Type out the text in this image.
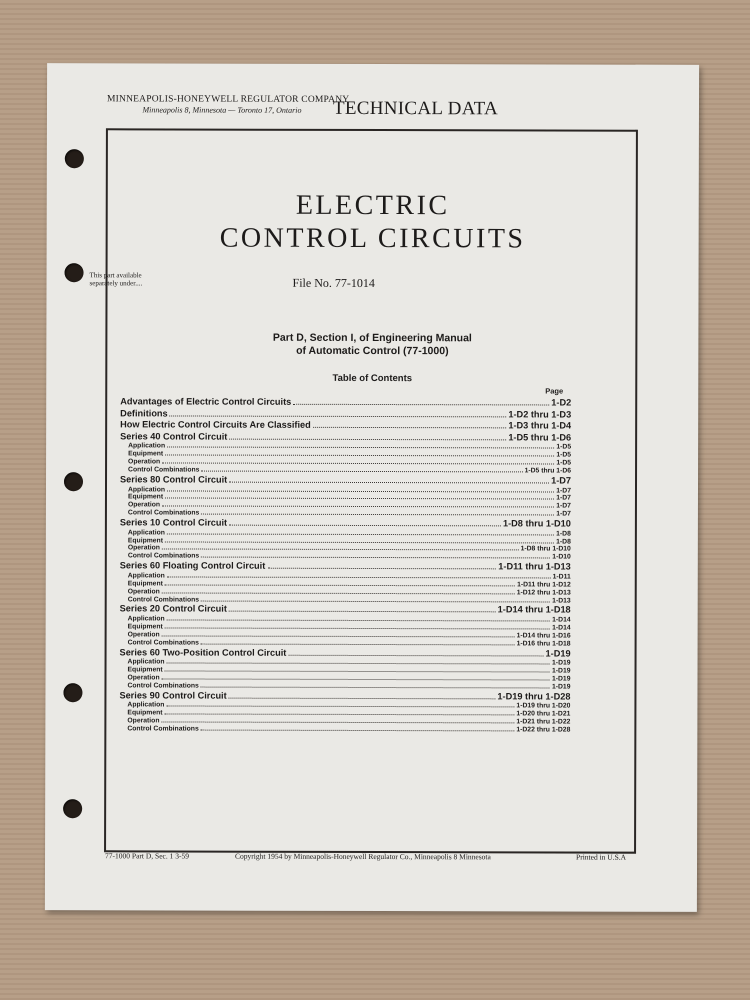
MINNEAPOLIS-HONEYWELL REGULATOR COMPANY
Minneapolis 8, Minnesota — Toronto 17, Ontario	TECHNICAL DATA
ELECTRIC
CONTROL CIRCUITS
This part available
separately under....	File No. 77-1014
Part D, Section I, of Engineering Manual
of Automatic Control (77-1000)
Table of Contents
Page
Advantages of Electric Control Circuits	1-D2
Definitions	1-D2 thru 1-D3
How Electric Control Circuits Are Classified	1-D3 thru 1-D4
Series 40 Control Circuit	1-D5 thru 1-D6
Application	1-D5
Equipment	1-D5
Operation	1-D5
Control Combinations	1-D5 thru 1-D6
Series 80 Control Circuit	1-D7
Application	1-D7
Equipment	1-D7
Operation	1-D7
Control Combinations	1-D7
Series 10 Control Circuit	1-D8 thru 1-D10
Application	1-D8
Equipment	1-D8
Operation	1-D8 thru 1-D10
Control Combinations	1-D10
Series 60 Floating Control Circuit	1-D11 thru 1-D13
Application	1-D11
Equipment	1-D11 thru 1-D12
Operation	1-D12 thru 1-D13
Control Combinations	1-D13
Series 20 Control Circuit	1-D14 thru 1-D18
Application	1-D14
Equipment	1-D14
Operation	1-D14 thru 1-D16
Control Combinations	1-D16 thru 1-D18
Series 60 Two-Position Control Circuit	1-D19
Application	1-D19
Equipment	1-D19
Operation	1-D19
Control Combinations	1-D19
Series 90 Control Circuit	1-D19 thru 1-D28
Application	1-D19 thru 1-D20
Equipment	1-D20 thru 1-D21
Operation	1-D21 thru 1-D22
Control Combinations	1-D22 thru 1-D28
77-1000 Part D, Sec. 1 3-59	Copyright 1954 by Minneapolis-Honeywell Regulator Co., Minneapolis 8 Minnesota	Printed in U.S.A
